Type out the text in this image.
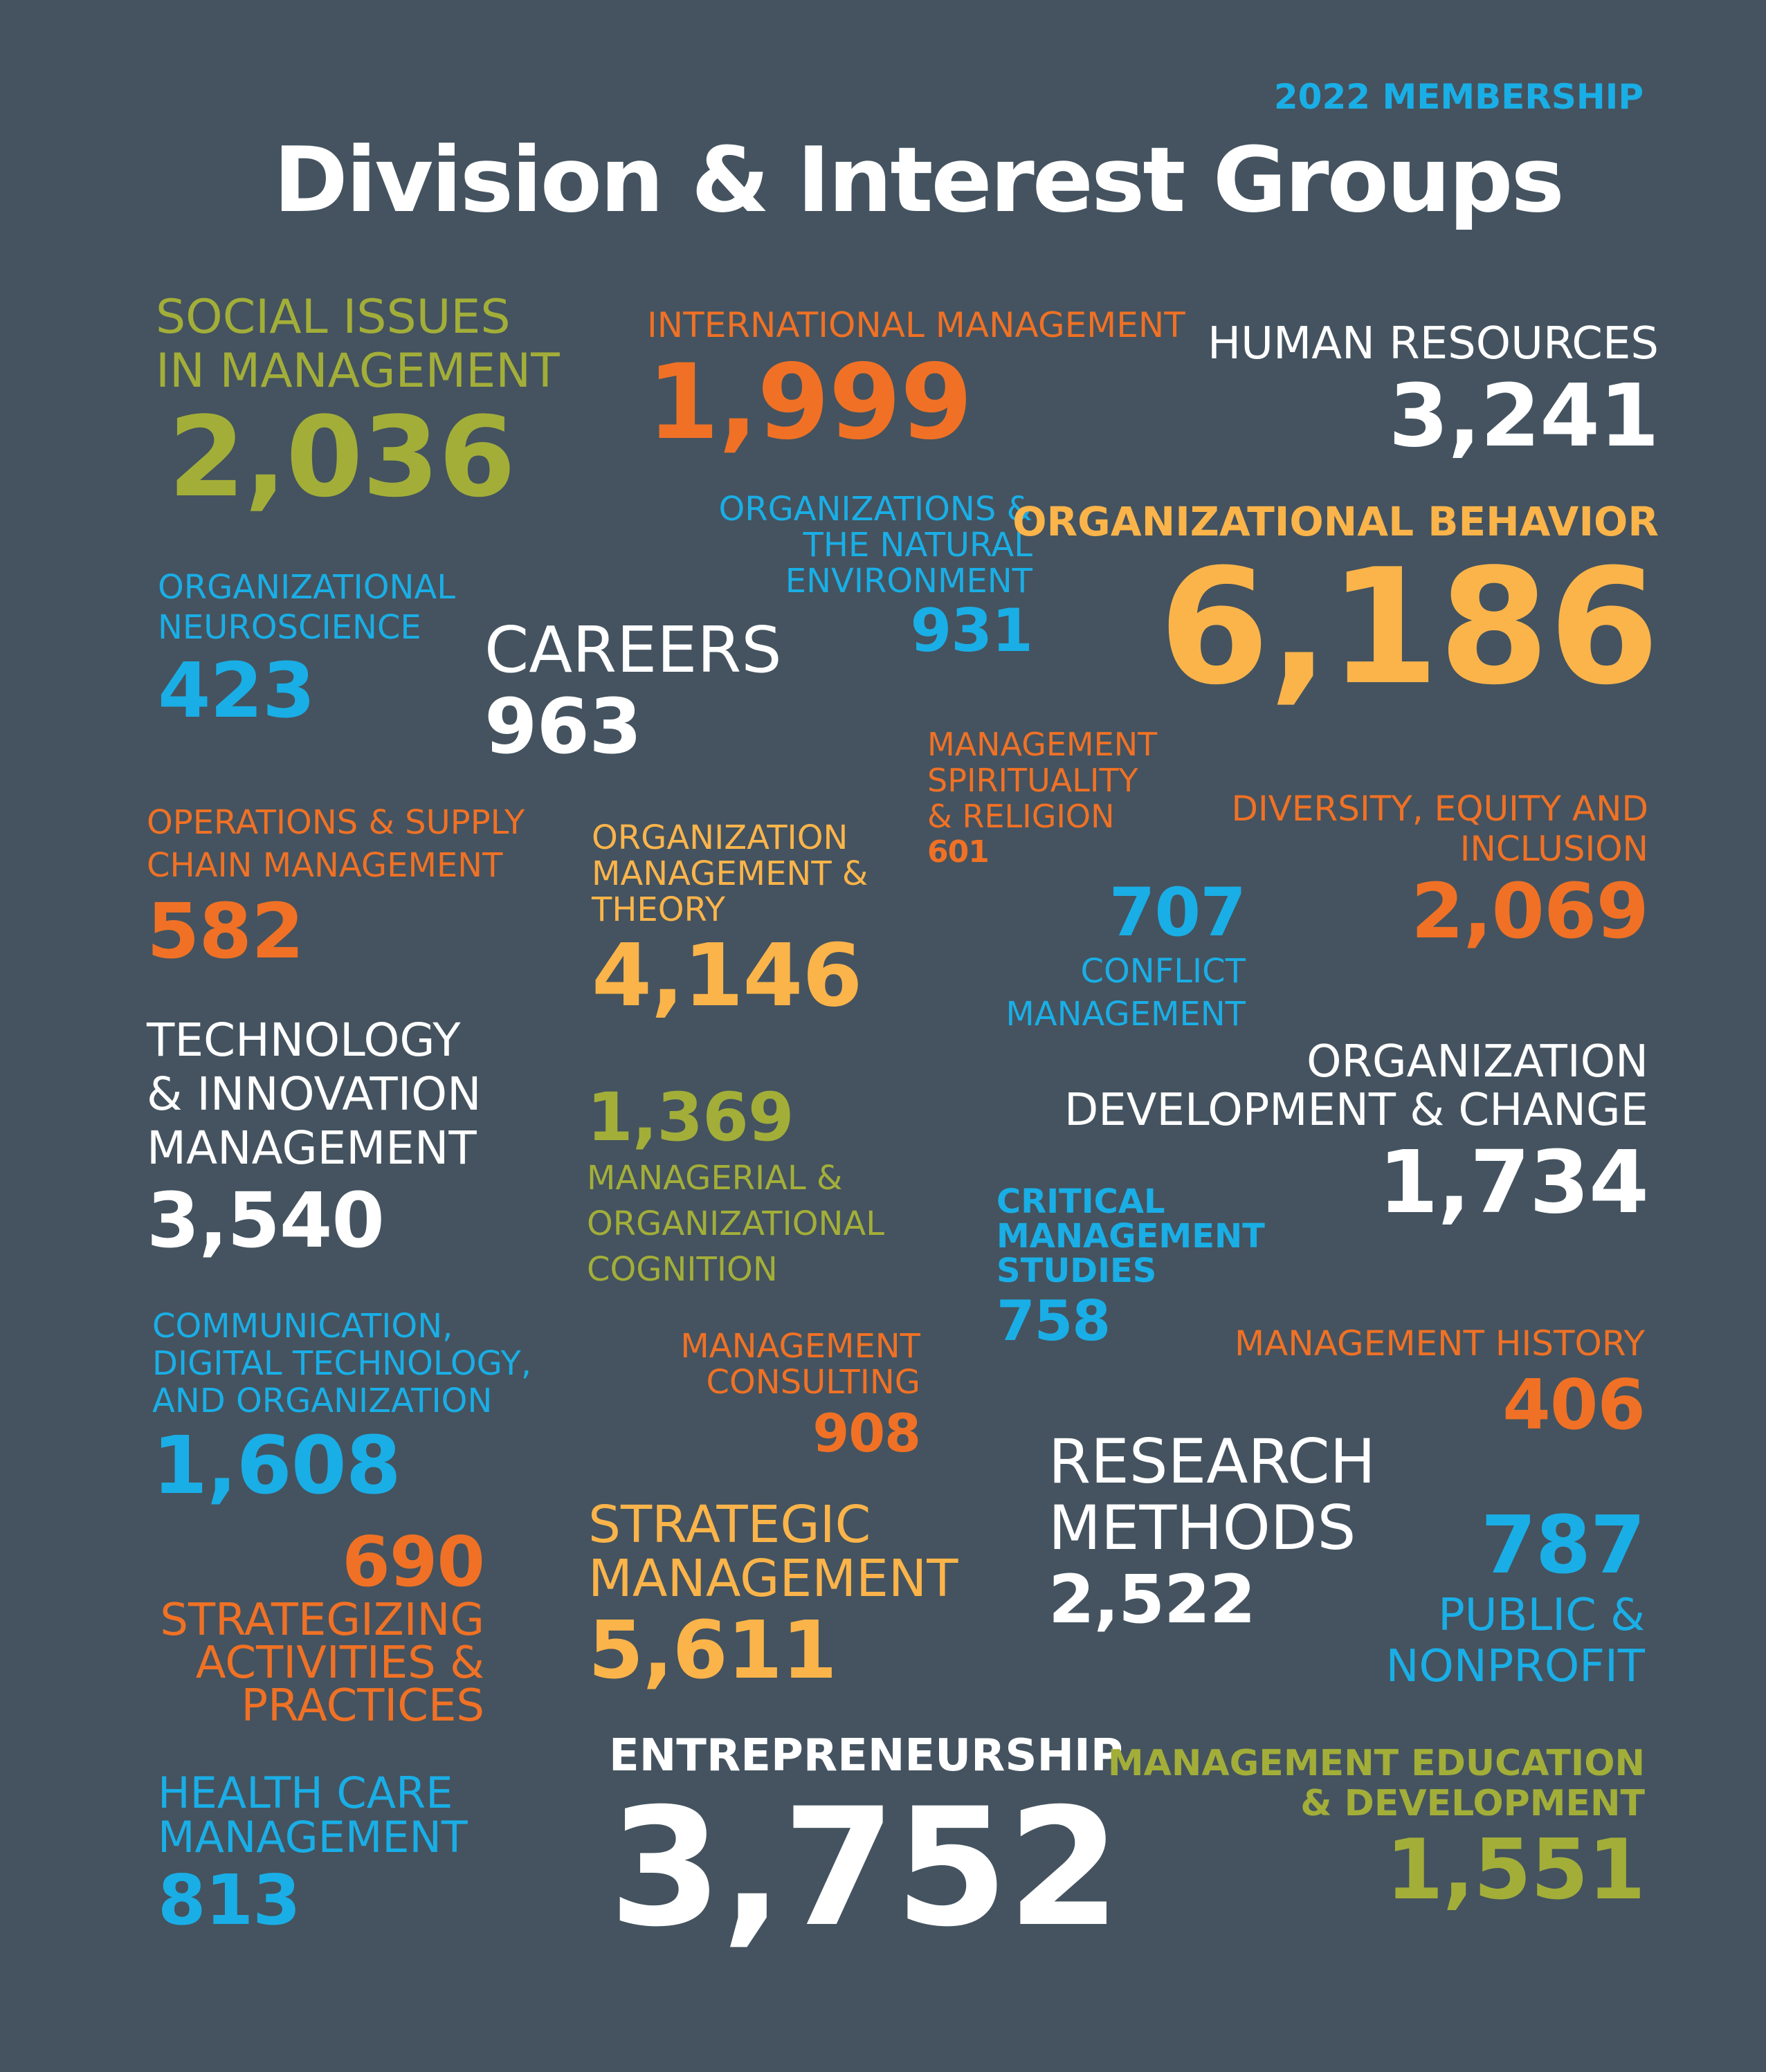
2022 MEMBERSHIP
Division & Interest Groups
SOCIAL ISSUES
IN MANAGEMENT
2,036
INTERNATIONAL MANAGEMENT
1,999	HUMAN RESOURCES
3,241
ORGANIZATIONS &
THE NATURAL
ENVIRONMENT
931
ORGANIZATIONAL BEHAVIOR
6,186
ORGANIZATIONAL
NEUROSCIENCE
423	CAREERS
963	MANAGEMENT
SPIRITUALITY
& RELIGION
601
OPERATIONS & SUPPLY
CHAIN MANAGEMENT
582
ORGANIZATION
MANAGEMENT &
THEORY
4,146
DIVERSITY, EQUITY AND
INCLUSION
2,069
707
CONFLICT
MANAGEMENT
TECHNOLOGY
& INNOVATION
MANAGEMENT
3,540
1,369
MANAGERIAL &
ORGANIZATIONAL
COGNITION
ORGANIZATION
DEVELOPMENT & CHANGE
1,734
CRITICAL
MANAGEMENT
STUDIES
758
COMMUNICATION,
DIGITAL TECHNOLOGY,
AND ORGANIZATION
1,608
MANAGEMENT
CONSULTING
908
MANAGEMENT HISTORY
406
RESEARCH
METHODS
2,522
690
STRATEGIZING
ACTIVITIES &
PRACTICES
STRATEGIC
MANAGEMENT
5,611
787
PUBLIC &
NONPROFIT
HEALTH CARE
MANAGEMENT
813
ENTREPRENEURSHIP
3,752
MANAGEMENT EDUCATION
& DEVELOPMENT
1,551
